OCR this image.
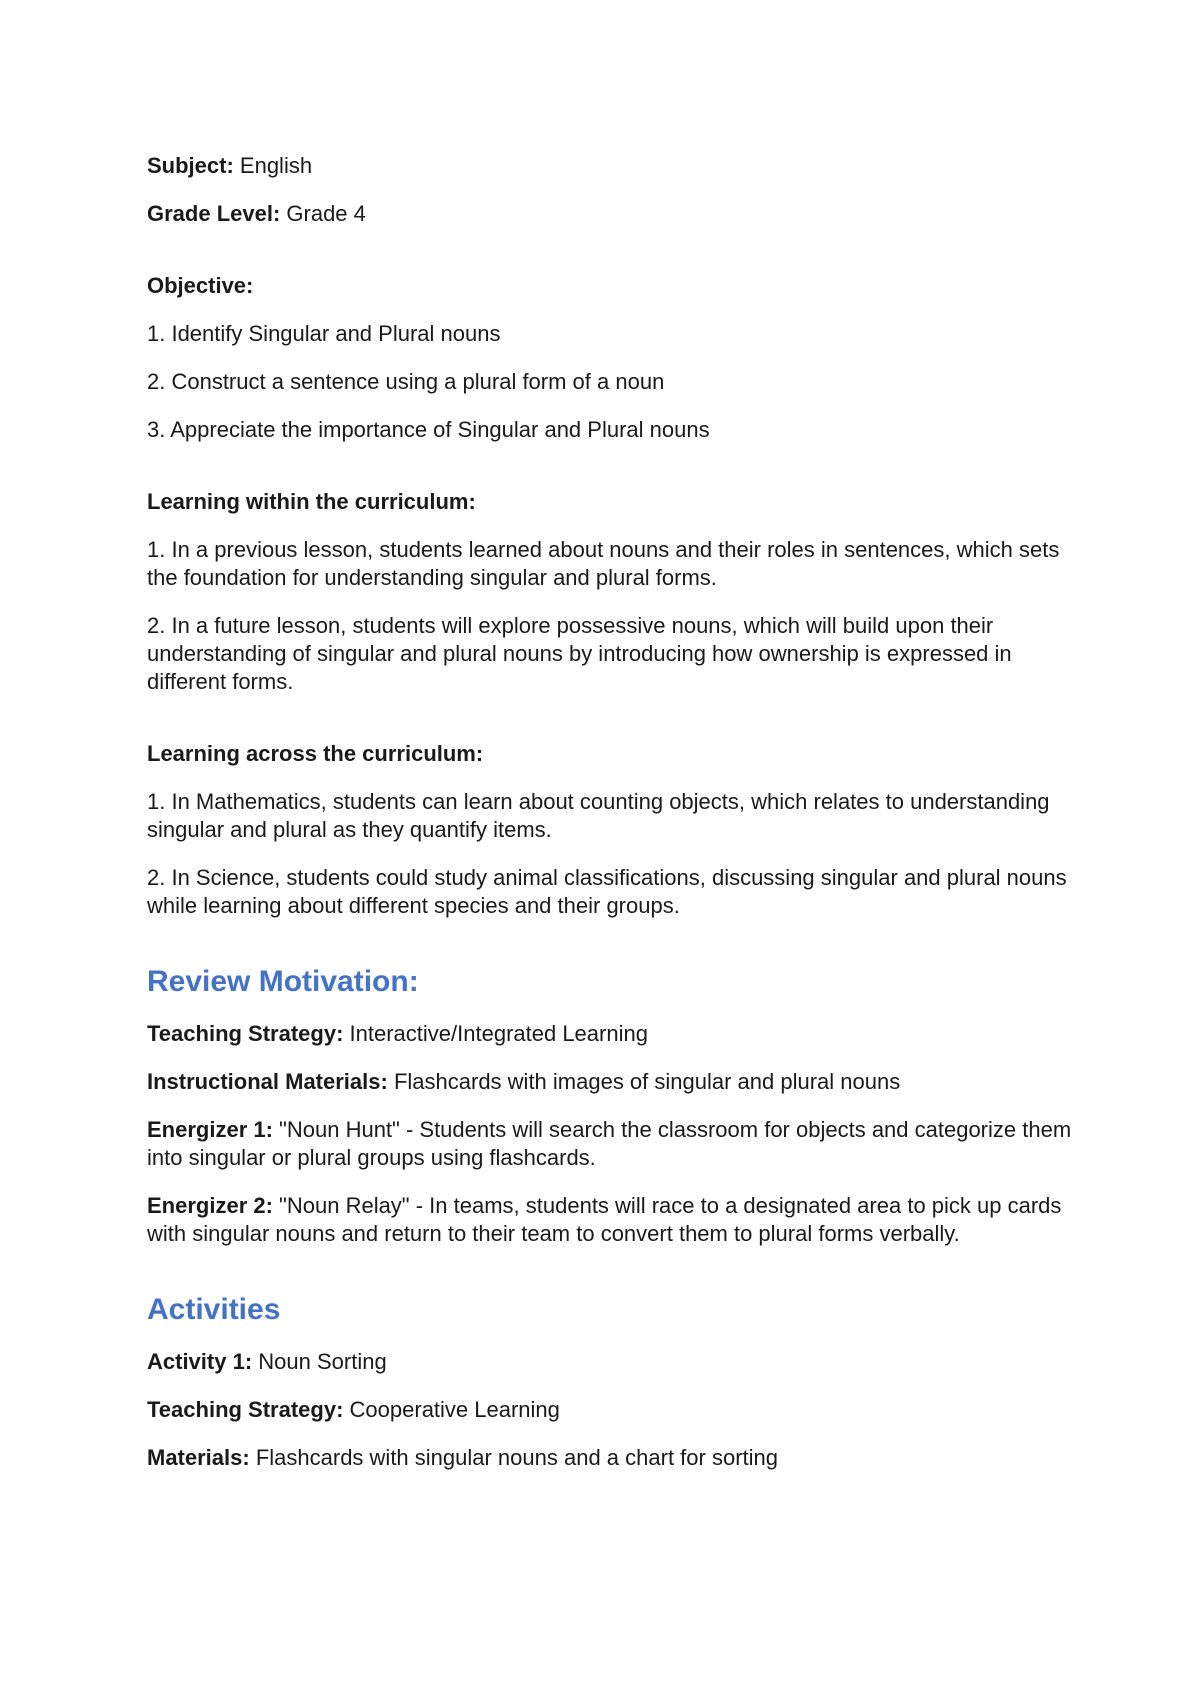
Subject: English

Grade Level: Grade 4

Objective:

1. Identify Singular and Plural nouns

2. Construct a sentence using a plural form of a noun

3. Appreciate the importance of Singular and Plural nouns

Learning within the curriculum:

1. In a previous lesson, students learned about nouns and their roles in sentences, which sets the foundation for understanding singular and plural forms.

2. In a future lesson, students will explore possessive nouns, which will build upon their understanding of singular and plural nouns by introducing how ownership is expressed in different forms.

Learning across the curriculum:

1. In Mathematics, students can learn about counting objects, which relates to understanding singular and plural as they quantify items.

2. In Science, students could study animal classifications, discussing singular and plural nouns while learning about different species and their groups.

Review Motivation:

Teaching Strategy: Interactive/Integrated Learning

Instructional Materials: Flashcards with images of singular and plural nouns

Energizer 1: "Noun Hunt" - Students will search the classroom for objects and categorize them into singular or plural groups using flashcards.

Energizer 2: "Noun Relay" - In teams, students will race to a designated area to pick up cards with singular nouns and return to their team to convert them to plural forms verbally.

Activities

Activity 1: Noun Sorting

Teaching Strategy: Cooperative Learning

Materials: Flashcards with singular nouns and a chart for sorting
